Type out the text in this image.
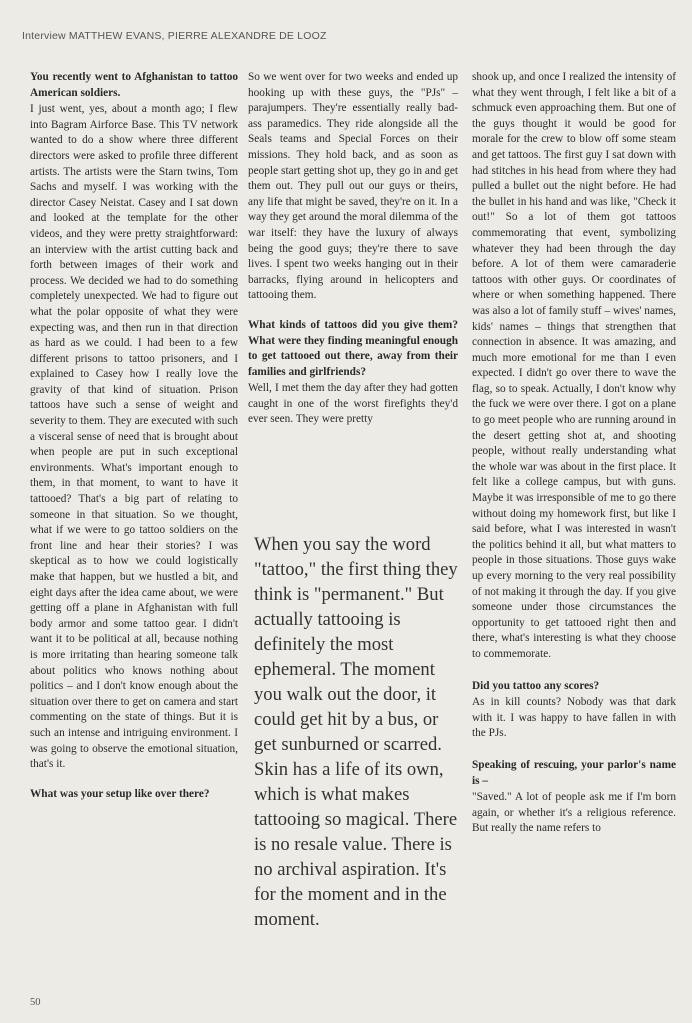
Interview MATTHEW EVANS, PIERRE ALEXANDRE DE LOOZ

You recently went to Afghanistan to tattoo American soldiers.

I just went, yes, about a month ago; I flew into Bagram Airforce Base. This TV network wanted to do a show where three different directors were asked to profile three different artists. The artists were the Starn twins, Tom Sachs and myself. I was working with the director Casey Neistat. Casey and I sat down and looked at the template for the other videos, and they were pretty straightforward: an interview with the artist cutting back and forth between images of their work and process. We decided we had to do something completely unexpected. We had to figure out what the polar opposite of what they were expecting was, and then run in that direction as hard as we could. I had been to a few different prisons to tattoo prisoners, and I explained to Casey how I really love the gravity of that kind of situation. Prison tattoos have such a sense of weight and severity to them. They are executed with such a visceral sense of need that is brought about when people are put in such exceptional environments. What's important enough to them, in that moment, to want to have it tattooed? That's a big part of relating to someone in that situation. So we thought, what if we were to go tattoo soldiers on the front line and hear their stories? I was skeptical as to how we could logistically make that happen, but we hustled a bit, and eight days after the idea came about, we were getting off a plane in Afghanistan with full body armor and some tattoo gear. I didn't want it to be political at all, because nothing is more irritating than hearing someone talk about politics who knows nothing about politics – and I don't know enough about the situation over there to get on camera and start commenting on the state of things. But it is such an intense and intriguing environment. I was going to observe the emotional situation, that's it.

What was your setup like over there?

So we went over for two weeks and ended up hooking up with these guys, the "PJs" – parajumpers. They're essentially really bad-ass paramedics. They ride alongside all the Seals teams and Special Forces on their missions. They hold back, and as soon as people start getting shot up, they go in and get them out. They pull out our guys or theirs, any life that might be saved, they're on it. In a way they get around the moral dilemma of the war itself: they have the luxury of always being the good guys; they're there to save lives. I spent two weeks hanging out in their barracks, flying around in helicopters and tattooing them.

What kinds of tattoos did you give them? What were they finding meaningful enough to get tattooed out there, away from their families and girlfriends?

Well, I met them the day after they had gotten caught in one of the worst firefights they'd ever seen. They were pretty

When you say the word "tattoo," the first thing they think is "permanent." But actually tattooing is definitely the most ephemeral. The moment you walk out the door, it could get hit by a bus, or get sunburned or scarred. Skin has a life of its own, which is what makes tattooing so magical. There is no resale value. There is no archival aspiration. It's for the moment and in the moment.

shook up, and once I realized the intensity of what they went through, I felt like a bit of a schmuck even approaching them. But one of the guys thought it would be good for morale for the crew to blow off some steam and get tattoos. The first guy I sat down with had stitches in his head from where they had pulled a bullet out the night before. He had the bullet in his hand and was like, "Check it out!" So a lot of them got tattoos commemorating that event, symbolizing whatever they had been through the day before. A lot of them were camaraderie tattoos with other guys. Or coordinates of where or when something happened. There was also a lot of family stuff – wives' names, kids' names – things that strengthen that connection in absence. It was amazing, and much more emotional for me than I even expected. I didn't go over there to wave the flag, so to speak. Actually, I don't know why the fuck we were over there. I got on a plane to go meet people who are running around in the desert getting shot at, and shooting people, without really understanding what the whole war was about in the first place. It felt like a college campus, but with guns. Maybe it was irresponsible of me to go there without doing my homework first, but like I said before, what I was interested in wasn't the politics behind it all, but what matters to people in those situations. Those guys wake up every morning to the very real possibility of not making it through the day. If you give someone under those circumstances the opportunity to get tattooed right then and there, what's interesting is what they choose to commemorate.

Did you tattoo any scores?

As in kill counts? Nobody was that dark with it. I was happy to have fallen in with the PJs.

Speaking of rescuing, your parlor's name is –

"Saved." A lot of people ask me if I'm born again, or whether it's a religious reference. But really the name refers to

50
